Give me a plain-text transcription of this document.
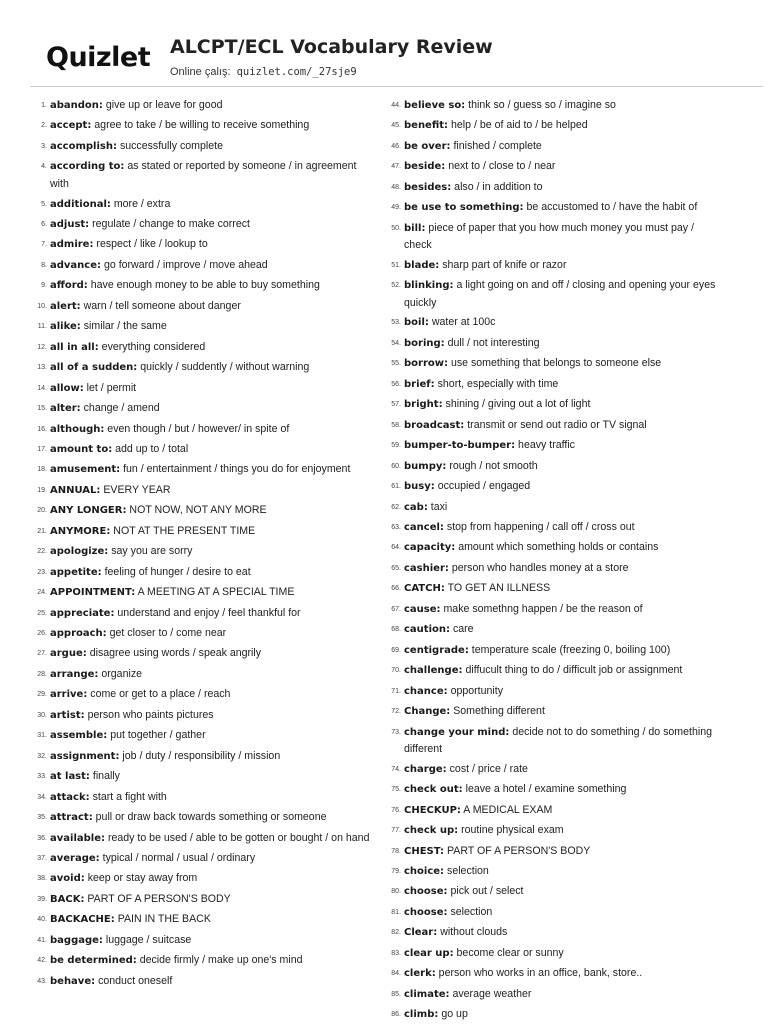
Quizlet ALCPT/ECL Vocabulary Review
Online çalış: quizlet.com/_27sje9
1. abandon: give up or leave for good
2. accept: agree to take / be willing to receive something
3. accomplish: successfully complete
4. according to: as stated or reported by someone / in agreement with
5. additional: more / extra
6. adjust: regulate / change to make correct
7. admire: respect / like / lookup to
8. advance: go forward / improve / move ahead
9. afford: have enough money to be able to buy something
10. alert: warn / tell someone about danger
11. alike: similar / the same
12. all in all: everything considered
13. all of a sudden: quickly / suddently / without warning
14. allow: let / permit
15. alter: change / amend
16. although: even though / but / however/ in spite of
17. amount to: add up to / total
18. amusement: fun / entertainment / things you do for enjoyment
19. ANNUAL: EVERY YEAR
20. ANY LONGER: NOT NOW, NOT ANY MORE
21. ANYMORE: NOT AT THE PRESENT TIME
22. apologize: say you are sorry
23. appetite: feeling of hunger / desire to eat
24. APPOINTMENT: A MEETING AT A SPECIAL TIME
25. appreciate: understand and enjoy / feel thankful for
26. approach: get closer to / come near
27. argue: disagree using words / speak angrily
28. arrange: organize
29. arrive: come or get to a place / reach
30. artist: person who paints pictures
31. assemble: put together / gather
32. assignment: job / duty / responsibility / mission
33. at last: finally
34. attack: start a fight with
35. attract: pull or draw back towards something or someone
36. available: ready to be used / able to be gotten or bought / on hand
37. average: typical / normal / usual / ordinary
38. avoid: keep or stay away from
39. BACK: PART OF A PERSON'S BODY
40. BACKACHE: PAIN IN THE BACK
41. baggage: luggage / suitcase
42. be determined: decide firmly / make up one's mind
43. behave: conduct oneself
44. believe so: think so / guess so / imagine so
45. benefit: help / be of aid to / be helped
46. be over: finished / complete
47. beside: next to / close to / near
48. besides: also / in addition to
49. be use to something: be accustomed to / have the habit of
50. bill: piece of paper that you how much money you must pay / check
51. blade: sharp part of knife or razor
52. blinking: a light going on and off / closing and opening your eyes quickly
53. boil: water at 100c
54. boring: dull / not interesting
55. borrow: use something that belongs to someone else
56. brief: short, especially with time
57. bright: shining / giving out a lot of light
58. broadcast: transmit or send out radio or TV signal
59. bumper-to-bumper: heavy traffic
60. bumpy: rough / not smooth
61. busy: occupied / engaged
62. cab: taxi
63. cancel: stop from happening / call off / cross out
64. capacity: amount which something holds or contains
65. cashier: person who handles money at a store
66. CATCH: TO GET AN ILLNESS
67. cause: make somethng happen / be the reason of
68. caution: care
69. centigrade: temperature scale (freezing 0, boiling 100)
70. challenge: diffucult thing to do / difficult job or assignment
71. chance: opportunity
72. Change: Something different
73. change your mind: decide not to do something / do something different
74. charge: cost / price / rate
75. check out: leave a hotel / examine something
76. CHECKUP: A MEDICAL EXAM
77. check up: routine physical exam
78. CHEST: PART OF A PERSON'S BODY
79. choice: selection
80. choose: pick out / select
81. choose: selection
82. Clear: without clouds
83. clear up: become clear or sunny
84. clerk: person who works in an office, bank, store..
85. climate: average weather
86. climb: go up
